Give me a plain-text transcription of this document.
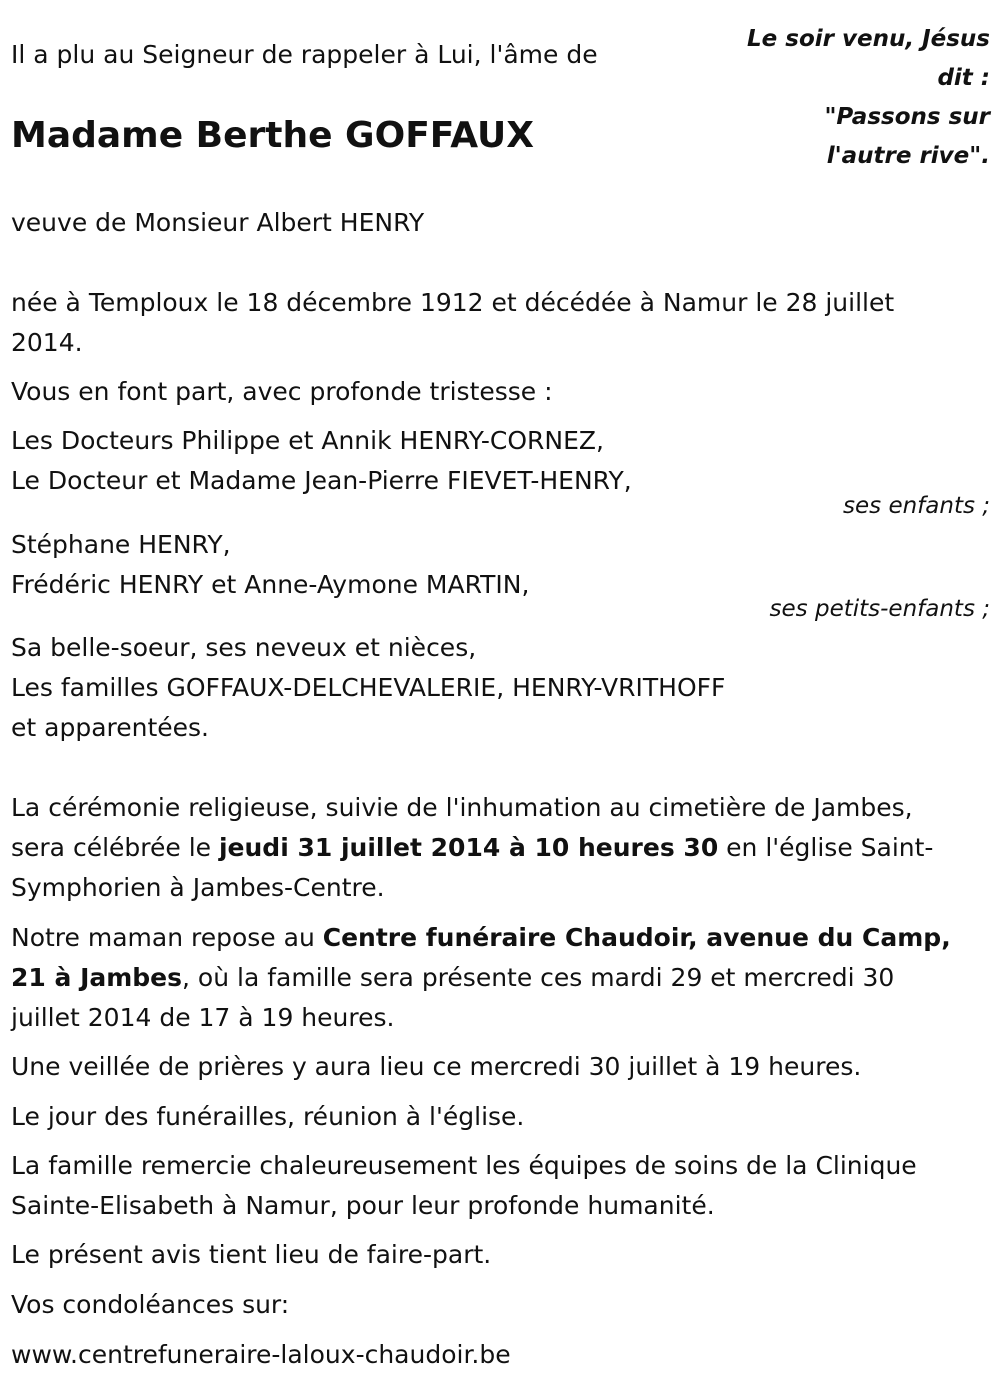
Il a plu au Seigneur de rappeler à Lui, l'âme de
Le soir venu, Jésus
dit :
"Passons sur
l'autre rive".
Madame Berthe GOFFAUX
veuve de Monsieur Albert HENRY
née à Temploux le 18 décembre 1912 et décédée à Namur le 28 juillet
2014.
Vous en font part, avec profonde tristesse :
Les Docteurs Philippe et Annik HENRY-CORNEZ,
Le Docteur et Madame Jean-Pierre FIEVET-HENRY,
ses enfants ;
Stéphane HENRY,
Frédéric HENRY et Anne-Aymone MARTIN,
ses petits-enfants ;
Sa belle-soeur, ses neveux et nièces,
Les familles GOFFAUX-DELCHEVALERIE, HENRY-VRITHOFF
et apparentées.
La cérémonie religieuse, suivie de l'inhumation au cimetière de Jambes,
sera célébrée le jeudi 31 juillet 2014 à 10 heures 30 en l'église Saint-
Symphorien à Jambes-Centre.
Notre maman repose au Centre funéraire Chaudoir, avenue du Camp,
21 à Jambes, où la famille sera présente ces mardi 29 et mercredi 30
juillet 2014 de 17 à 19 heures.
Une veillée de prières y aura lieu ce mercredi 30 juillet à 19 heures.
Le jour des funérailles, réunion à l'église.
La famille remercie chaleureusement les équipes de soins de la Clinique
Sainte-Elisabeth à Namur, pour leur profonde humanité.
Le présent avis tient lieu de faire-part.
Vos condoléances sur:
www.centrefuneraire-laloux-chaudoir.be
